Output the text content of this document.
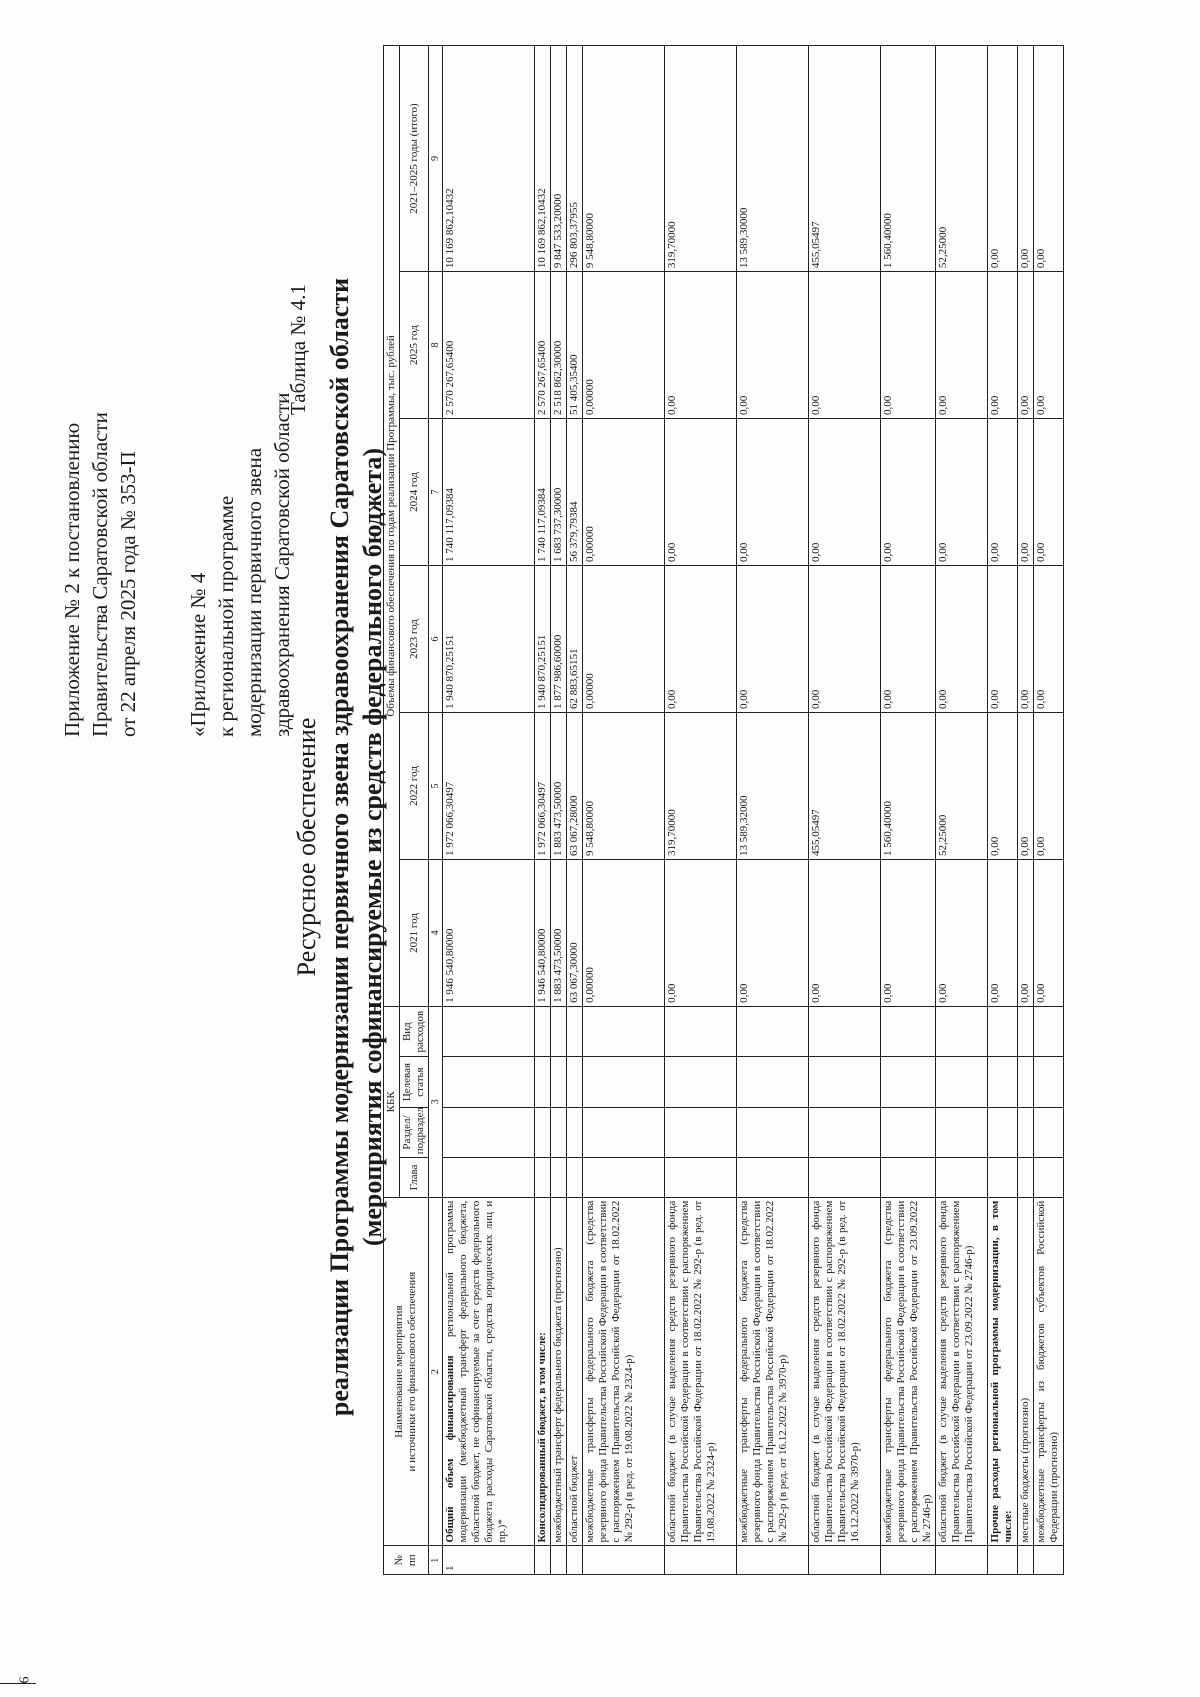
Приложение № 2 к постановлению Правительства Саратовской области от 22 апреля 2025 года № 353-П «Приложение № 4 к региональной программе модернизации первичного звена здравоохранения Саратовской области
Таблица № 4.1
Ресурсное обеспечение реализации Программы модернизации первичного звена здравоохранения Саратовской области (мероприятия софинансируемые из средств федерального бюджета)
№ пп	Наименование мероприятия и источники его финансового обеспечения	КБК				Объемы финансового обеспечения по годам реализации Программы, тыс. рублей					
		Глава	Раздел/ подраздел	Целевая статья	Вид расходов	2021 год	2022 год	2023 год	2024 год	2025 год	2021–2025 годы (итого)
1	2	3				4	5	6	7	8	9
1	Общий объем финансирования региональной программы модернизации (межбюджетный трансферт федерального бюджета, областной бюджет, не софинансируемые за счет средств федерального бюджета расходы Саратовской области, средства юридических лиц и пр.)*					1 946 540,80000	1 972 066,30497	1 940 870,25151	1 740 117,09384	2 570 267,65400	10 169 862,10432
	Консолидированный бюджет, в том числе:					1 946 540,80000	1 972 066,30497	1 940 870,25151	1 740 117,09384	2 570 267,65400	10 169 862,10432
	межбюджетный трансферт федерального бюджета (прогнозно)					1 883 473,50000	1 883 473,50000	1 877 986,60000	1 683 737,30000	2 518 862,30000	9 847 533,20000
	областной бюджет					63 067,30000	63 067,28000	62 883,65151	56 379,79384	51 405,35400	296 803,37955
	межбюджетные трансферты федерального бюджета (средства резервного фонда Правительства Российской Федерации в соответствии с распоряжением Правительства Российской Федерации от 18.02.2022 № 292-р (в ред. от 19.08.2022 № 2324-р)					0,00000	9 548,80000	0,00000	0,00000	0,00000	9 548,80000
	областной бюджет (в случае выделения средств резервного фонда Правительства Российской Федерации в соответствии с распоряжением Правительства Российской Федерации от 18.02.2022 № 292-р (в ред. от 19.08.2022 № 2324-р)					0,00	319,70000	0,00	0,00	0,00	319,70000
	межбюджетные трансферты федерального бюджета (средства резервного фонда Правительства Российской Федерации в соответствии с распоряжением Правительства Российской Федерации от 18.02.2022 № 292-р (в ред. от 16.12.2022 № 3970-р)					0,00	13 589,32000	0,00	0,00	0,00	13 589,30000
	областной бюджет (в случае выделения средств резервного фонда Правительства Российской Федерации в соответствии с распоряжением Правительства Российской Федерации от 18.02.2022 № 292-р (в ред. от 16.12.2022 № 3970-р)					0,00	455,05497	0,00	0,00	0,00	455,05497
	межбюджетные трансферты федерального бюджета (средства резервного фонда Правительства Российской Федерации в соответствии с распоряжением Правительства Российской Федерации от 23.09.2022 № 2746-р)					0,00	1 560,40000	0,00	0,00	0,00	1 560,40000
	областной бюджет (в случае выделения средств резервного фонда Правительства Российской Федерации в соответствии с распоряжением Правительства Российской Федерации от 23.09.2022 № 2746-р)					0,00	52,25000	0,00	0,00	0,00	52,25000
	Прочие расходы региональной программы модернизации, в том числе:					0,00	0,00	0,00	0,00	0,00	0,00
	местные бюджеты (прогнозно)					0,00	0,00	0,00	0,00	0,00	0,00
	межбюджетные трансферты из бюджетов субъектов Российской Федерации (прогнозно)					0,00	0,00	0,00	0,00	0,00	0,00
6
